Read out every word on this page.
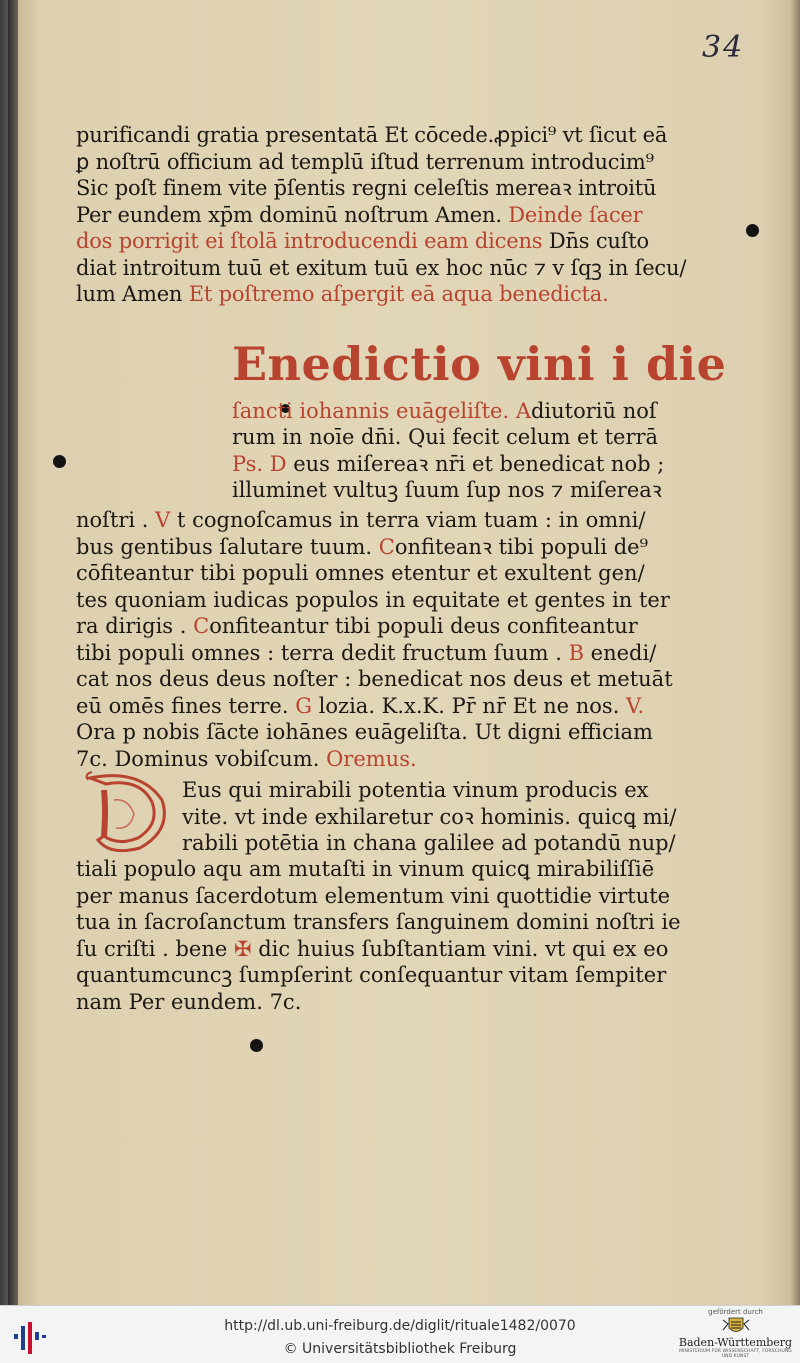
34
purificandi gratia presentatā Et cōcede.ꝓpici⁹ vt ſicut eā
ꝑ noſtrū officium ad templū iſtud terrenum introducim⁹
Sic poſt finem vite p̄ſentis regni celeſtis mereaꝛ introitū
Per eundem xp̄m dominū noſtrum Amen. Deinde ſacer
dos porrigit ei ſtolā introducendi eam dicens Dn̄s cuſto
diat introitum tuū et exitum tuū ex hoc nūc ⁊ v ſqꝫ in ſecu/
lum Amen Et poſtremo aſpergit eā aqua benedicta.
Enedictio vini i die
ſancti iohannis euāgeliſte. Adiutoriū noſ
rum in noīe dn̄i. Qui fecit celum et terrā
Ps. D eus miſereaꝛ nr̄i et benedicat nob ;
illuminet vultuꝫ ſuum ſup nos ⁊ miſereaꝛ
noſtri . V t cognoſcamus in terra viam tuam : in omni/
bus gentibus ſalutare tuum. Confiteanꝛ tibi populi de⁹
cōfiteantur tibi populi omnes etentur et exultent gen/
tes quoniam iudicas populos in equitate et gentes in ter
ra dirigis . Confiteantur tibi populi deus confiteantur
tibi populi omnes : terra dedit fructum ſuum . B enedi/
cat nos deus deus noſter : benedicat nos deus et metuāt
eū omēs fines terre. G lozia. K.x.K. Pr̄ nr̄ Et ne nos. V.
Ora p nobis ſācte iohānes euāgeliſta. Ut digni efficiam
7c. Dominus vobiſcum. Oremus.
Eus qui mirabili potentia vinum producis ex
vite. vt inde exhilaretur coꝛ hominis. quicꝗ mi/
rabili potētia in chana galilee ad potandū nup/
tiali populo aqu am mutaſti in vinum quicꝗ mirabiliſſiē
per manus ſacerdotum elementum vini quottidie virtute
tua in ſacroſanctum transfers ſanguinem domini noſtri ie
ſu criſti . bene ✠ dic huius ſubſtantiam vini. vt qui ex eo
quantumcuncꝫ ſumpſerint conſequantur vitam ſempiter
nam Per eundem. 7c.
http://dl.ub.uni-freiburg.de/diglit/rituale1482/0070
© Universitätsbibliothek Freiburg
gefördert durch
Baden-Württemberg
MINISTERIUM FÜR WISSENSCHAFT, FORSCHUNG UND KUNST
